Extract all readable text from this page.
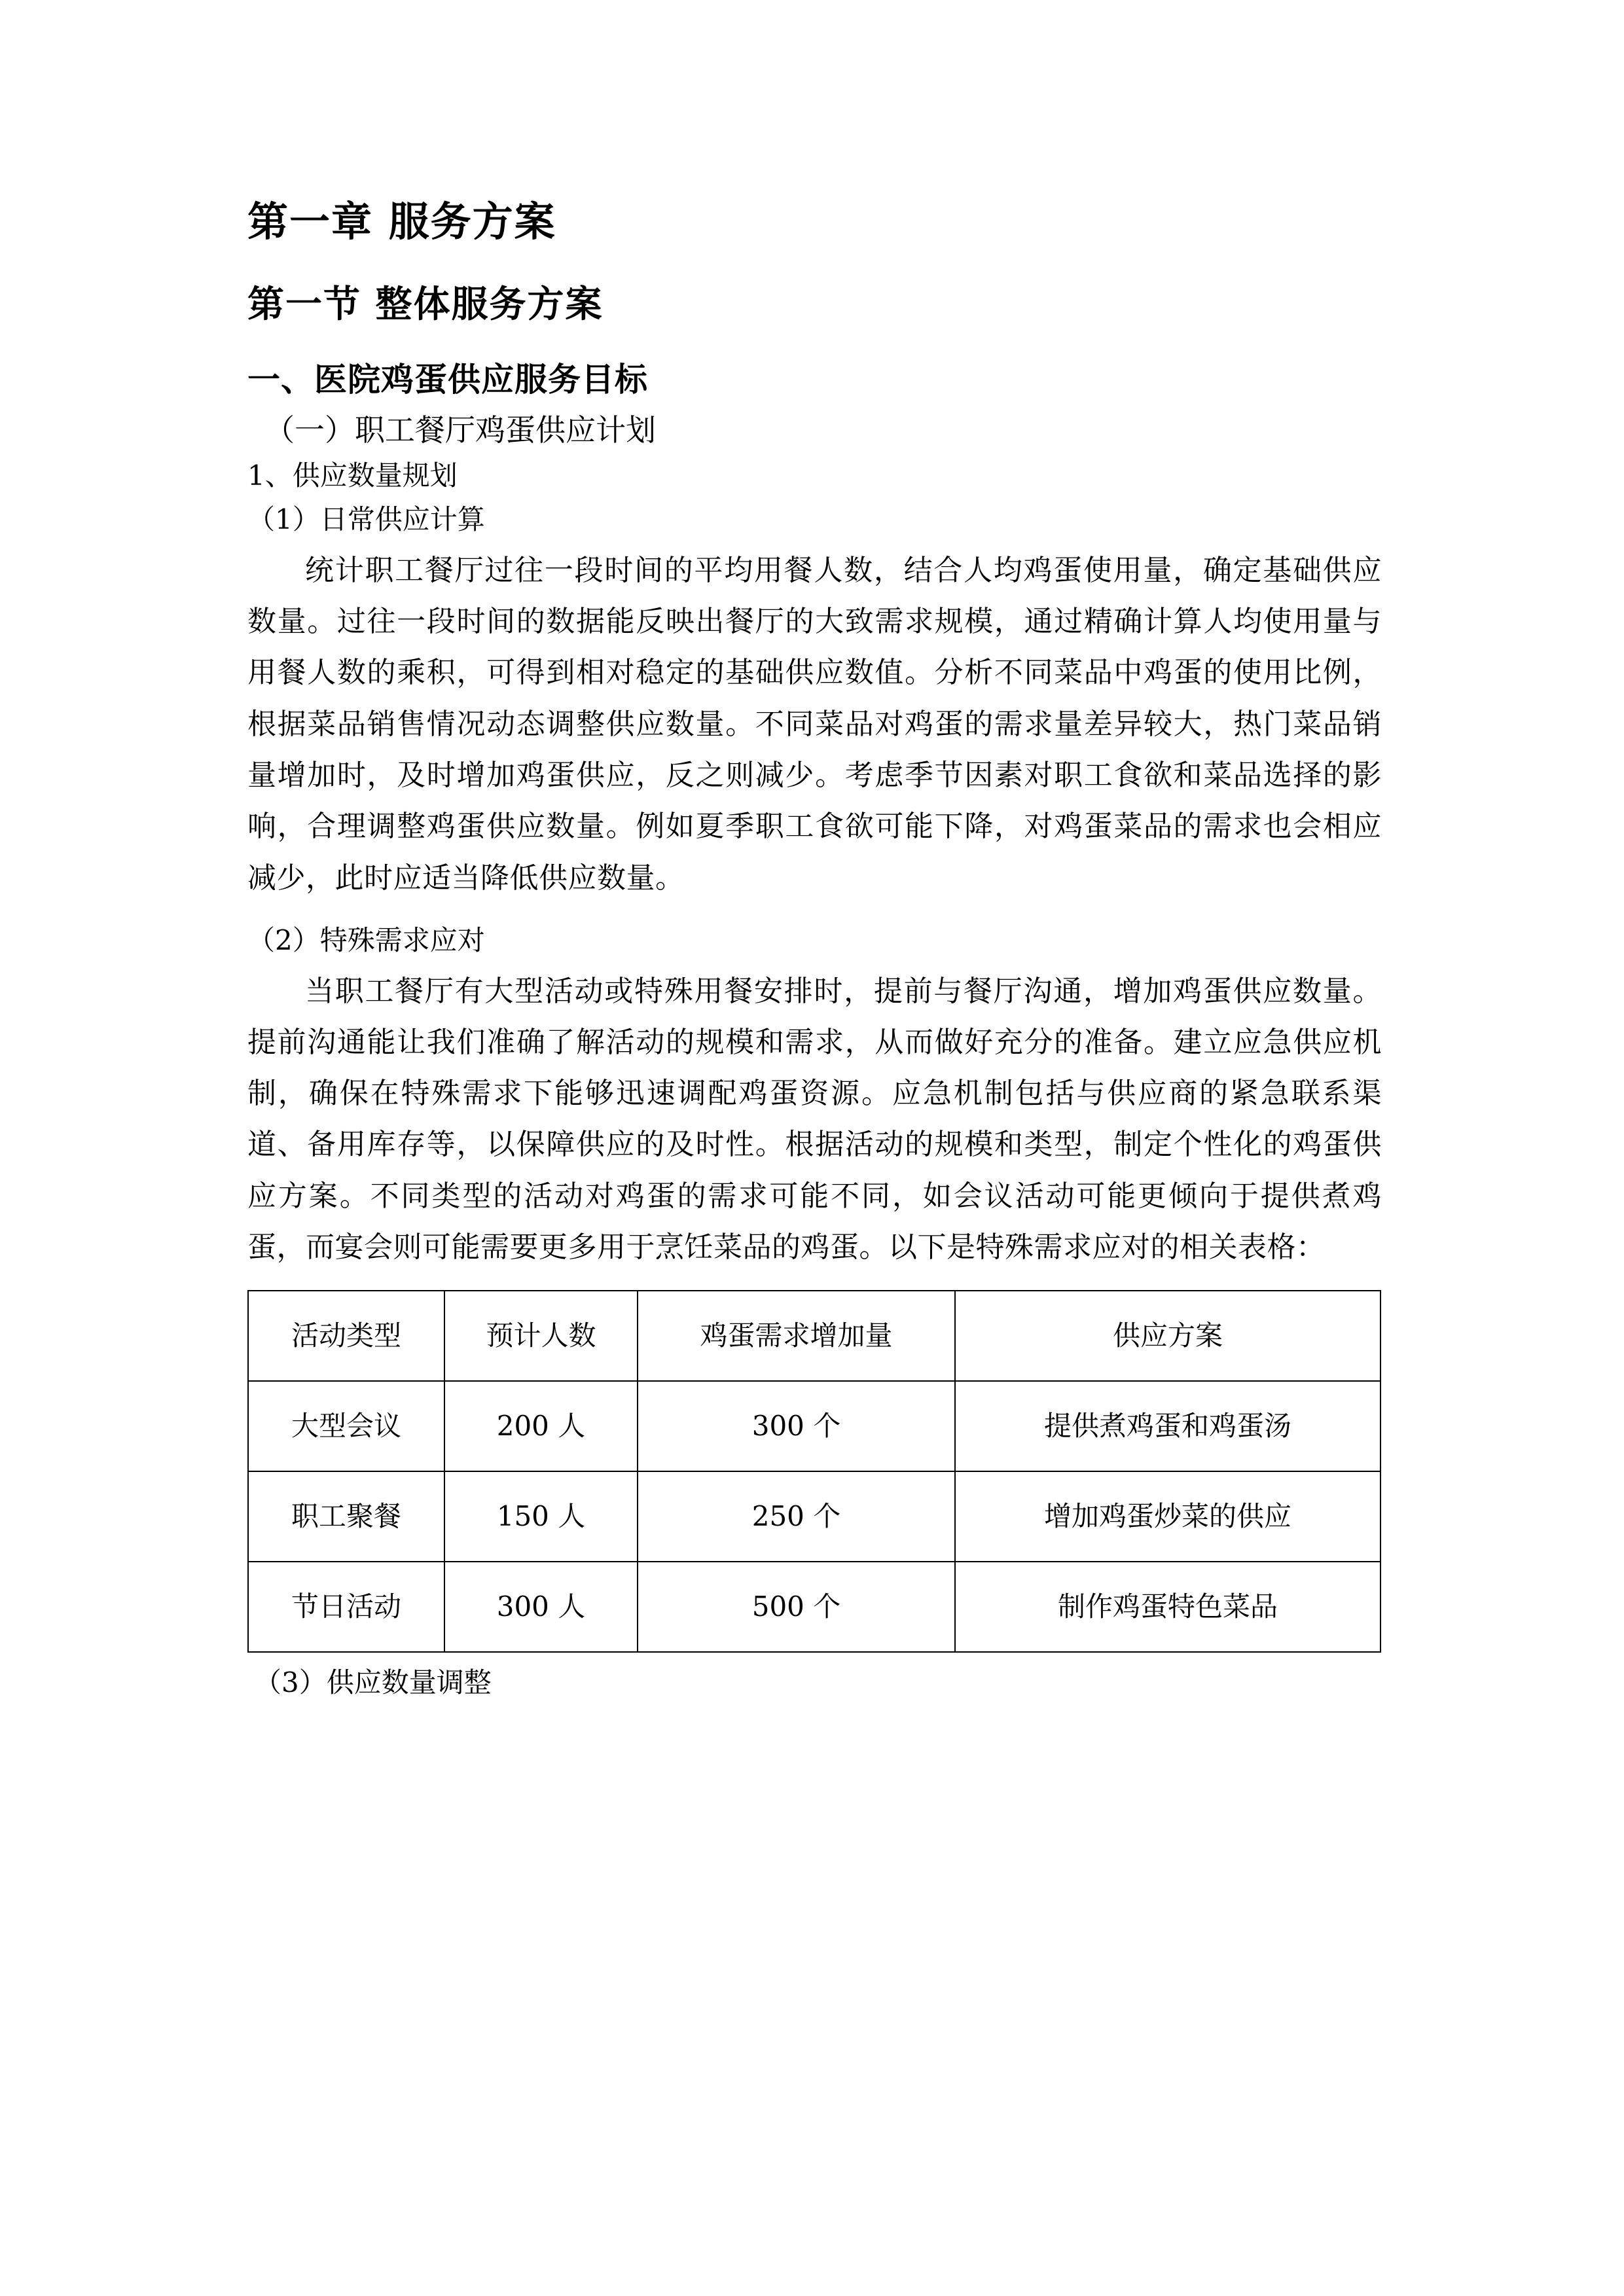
第一章 服务方案
第一节 整体服务方案
一、医院鸡蛋供应服务目标
（一）职工餐厅鸡蛋供应计划
1、供应数量规划
（1）日常供应计算

统计职工餐厅过往一段时间的平均用餐人数，结合人均鸡蛋使用量，确定基础供应数量。过往一段时间的数据能反映出餐厅的大致需求规模，通过精确计算人均使用量与用餐人数的乘积，可得到相对稳定的基础供应数值。分析不同菜品中鸡蛋的使用比例，根据菜品销售情况动态调整供应数量。不同菜品对鸡蛋的需求量差异较大，热门菜品销量增加时，及时增加鸡蛋供应，反之则减少。考虑季节因素对职工食欲和菜品选择的影响，合理调整鸡蛋供应数量。例如夏季职工食欲可能下降，对鸡蛋菜品的需求也会相应减少，此时应适当降低供应数量。

（2）特殊需求应对

当职工餐厅有大型活动或特殊用餐安排时，提前与餐厅沟通，增加鸡蛋供应数量。提前沟通能让我们准确了解活动的规模和需求，从而做好充分的准备。建立应急供应机制，确保在特殊需求下能够迅速调配鸡蛋资源。应急机制包括与供应商的紧急联系渠道、备用库存等，以保障供应的及时性。根据活动的规模和类型，制定个性化的鸡蛋供应方案。不同类型的活动对鸡蛋的需求可能不同，如会议活动可能更倾向于提供煮鸡蛋，而宴会则可能需要更多用于烹饪菜品的鸡蛋。以下是特殊需求应对的相关表格：

活动类型	预计人数	鸡蛋需求增加量	供应方案
大型会议	200 人	300 个	提供煮鸡蛋和鸡蛋汤
职工聚餐	150 人	250 个	增加鸡蛋炒菜的供应
节日活动	300 人	500 个	制作鸡蛋特色菜品
（3）供应数量调整
